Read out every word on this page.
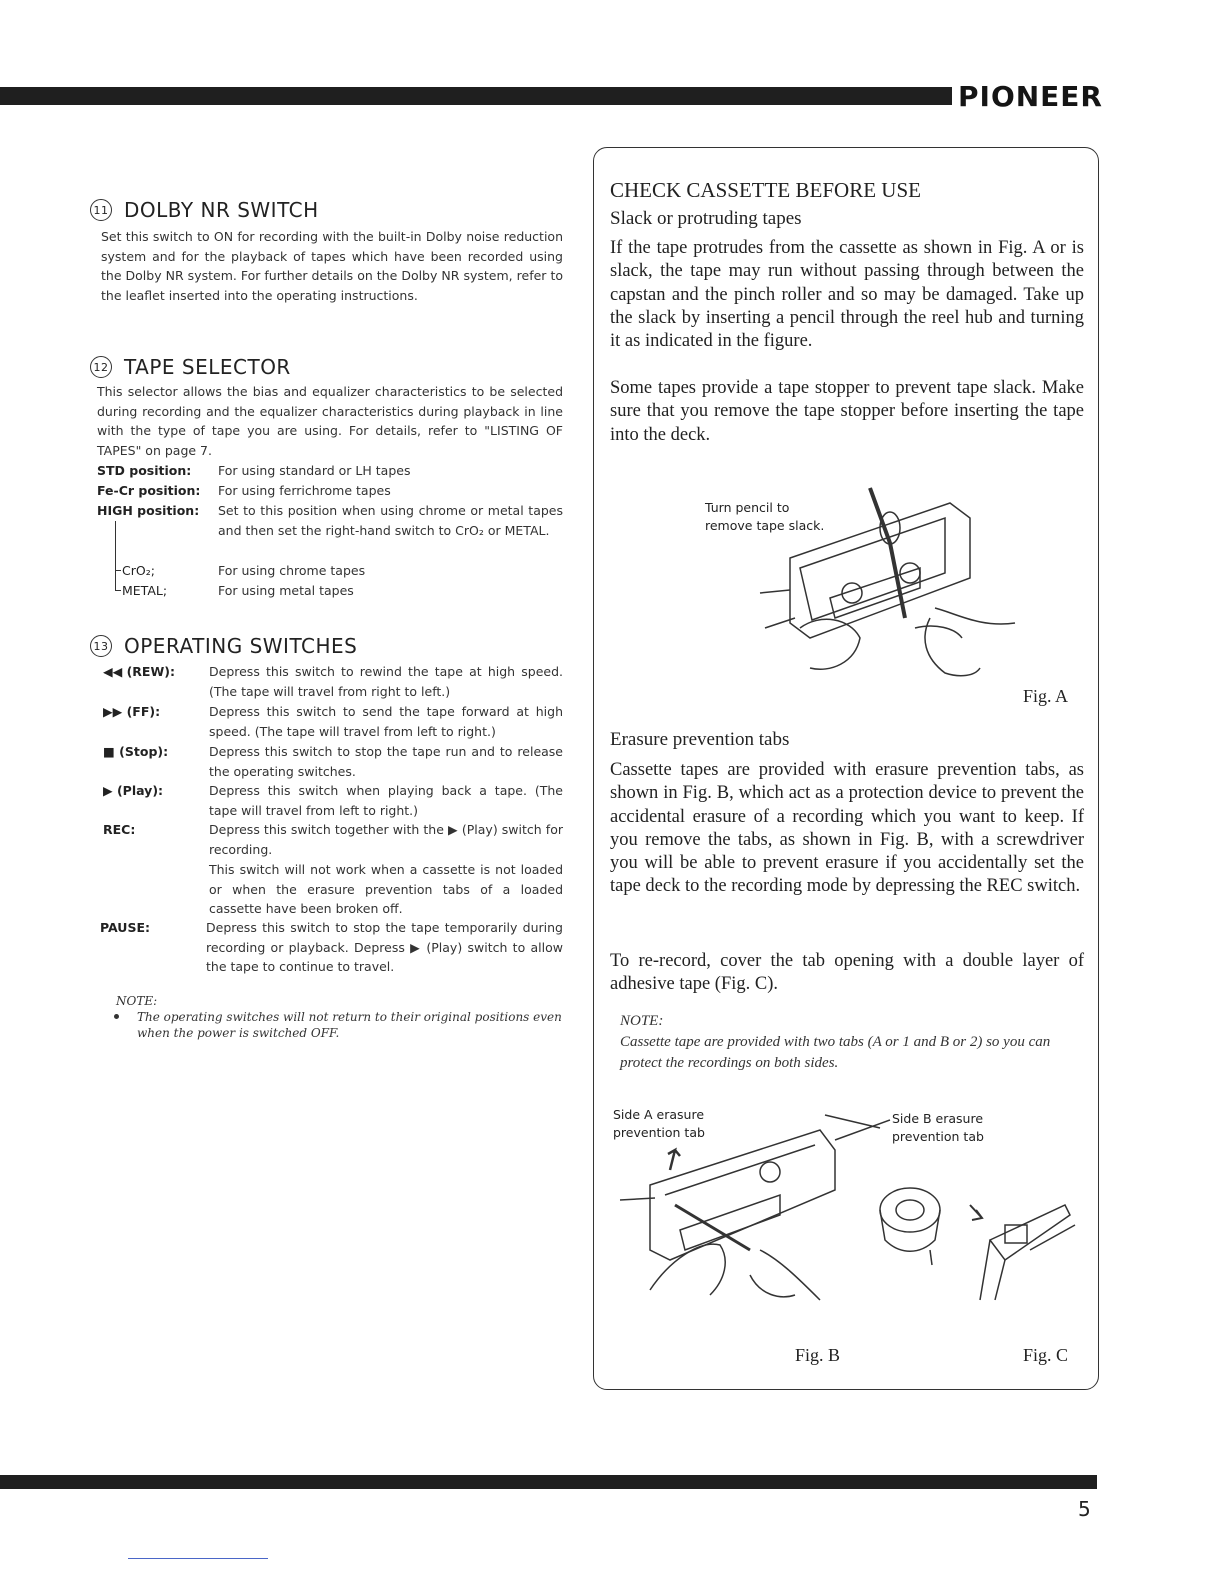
PIONEER
11 DOLBY NR SWITCH
Set this switch to ON for recording with the built-in Dolby noise reduction system and for the playback of tapes which have been recorded using the Dolby NR system. For further details on the Dolby NR system, refer to the leaflet inserted into the operating instructions.
12 TAPE SELECTOR
This selector allows the bias and equalizer characteristics to be selected during recording and the equalizer characteristics during playback in line with the type of tape you are using. For details, refer to "LISTING OF TAPES" on page 7.
STD position: For using standard or LH tapes
Fe-Cr position: For using ferrichrome tapes
HIGH position: Set to this position when using chrome or metal tapes and then set the right-hand switch to CrO₂ or METAL.
CrO₂;	For using chrome tapes
METAL;	For using metal tapes
13 OPERATING SWITCHES
◀◀ (REW):	Depress this switch to rewind the tape at high speed. (The tape will travel from right to left.)
▶▶ (FF):	Depress this switch to send the tape forward at high speed. (The tape will travel from left to right.)
■ (Stop):	Depress this switch to stop the tape run and to release the operating switches.
▶ (Play):	Depress this switch when playing back a tape. (The tape will travel from left to right.)
REC:	Depress this switch together with the ▶ (Play) switch for recording.
This switch will not work when a cassette is not loaded or when the erasure prevention tabs of a loaded cassette have been broken off.
PAUSE:	Depress this switch to stop the tape temporarily during recording or playback. Depress ▶ (Play) switch to allow the tape to continue to travel.
NOTE:
The operating switches will not return to their original positions even when the power is switched OFF.
CHECK CASSETTE BEFORE USE
Slack or protruding tapes
If the tape protrudes from the cassette as shown in Fig. A or is slack, the tape may run without passing through between the capstan and the pinch roller and so may be damaged. Take up the slack by inserting a pencil through the reel hub and turning it as indicated in the figure.
Some tapes provide a tape stopper to prevent tape slack. Make sure that you remove the tape stopper before inserting the tape into the deck.
Turn pencil to
remove tape slack.
Fig. A
Erasure prevention tabs
Cassette tapes are provided with erasure prevention tabs, as shown in Fig. B, which act as a protection device to prevent the accidental erasure of a recording which you want to keep. If you remove the tabs, as shown in Fig. B, with a screwdriver you will be able to prevent erasure if you accidentally set the tape deck to the recording mode by depressing the REC switch.
To re-record, cover the tab opening with a double layer of adhesive tape (Fig. C).
NOTE:
Cassette tape are provided with two tabs (A or 1 and B or 2) so you can protect the recordings on both sides.
Side A erasure
prevention tab
Side B erasure
prevention tab
Fig. B	Fig. C
5
